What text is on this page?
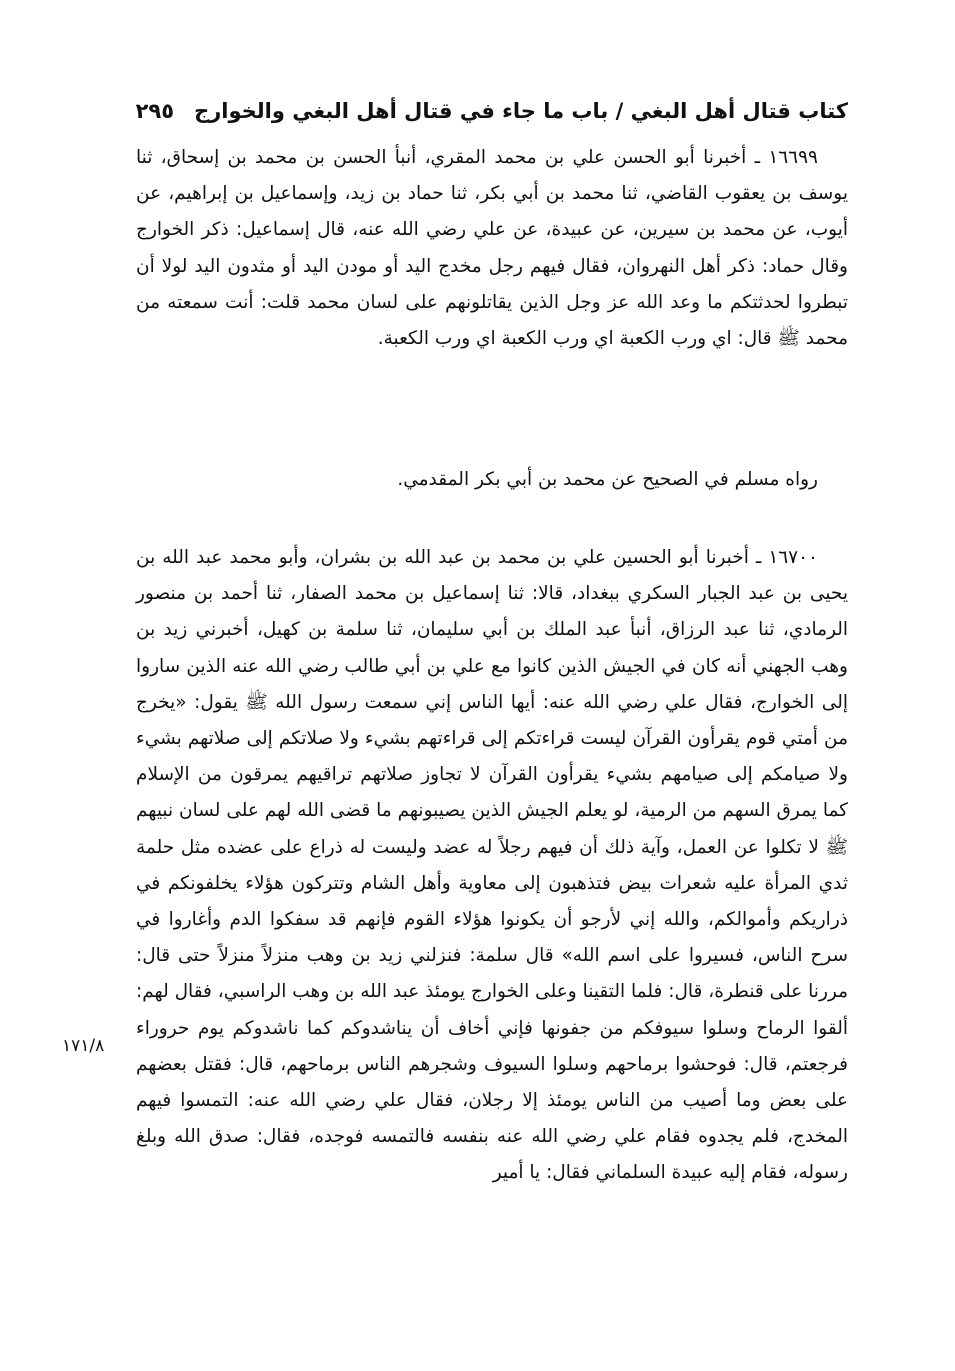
كتاب قتال أهل البغي / باب ما جاء في قتال أهل البغي والخوارج
٢٩٥

١٦٦٩٩ ـ أخبرنا أبو الحسن علي بن محمد المقري، أنبأ الحسن بن محمد بن إسحاق، ثنا يوسف بن يعقوب القاضي، ثنا محمد بن أبي بكر، ثنا حماد بن زيد، وإسماعيل بن إبراهيم، عن أيوب، عن محمد بن سيرين، عن عبيدة، عن علي رضي الله عنه، قال إسماعيل: ذكر الخوارج وقال حماد: ذكر أهل النهروان، فقال فيهم رجل مخدج اليد أو مودن اليد أو مثدون اليد لولا أن تبطروا لحدثتكم ما وعد الله عز وجل الذين يقاتلونهم على لسان محمد قلت: أنت سمعته من محمد ﷺ قال: اي ورب الكعبة اي ورب الكعبة اي ورب الكعبة.

رواه مسلم في الصحيح عن محمد بن أبي بكر المقدمي.

١٦٧٠٠ ـ أخبرنا أبو الحسين علي بن محمد بن عبد الله بن بشران، وأبو محمد عبد الله بن يحيى بن عبد الجبار السكري ببغداد، قالا: ثنا إسماعيل بن محمد الصفار، ثنا أحمد بن منصور الرمادي، ثنا عبد الرزاق، أنبأ عبد الملك بن أبي سليمان، ثنا سلمة بن كهيل، أخبرني زيد بن وهب الجهني أنه كان في الجيش الذين كانوا مع علي بن أبي طالب رضي الله عنه الذين ساروا إلى الخوارج، فقال علي رضي الله عنه: أيها الناس إني سمعت رسول الله ﷺ يقول: «يخرج من أمتي قوم يقرأون القرآن ليست قراءتكم إلى قراءتهم بشيء ولا صلاتكم إلى صلاتهم بشيء ولا صيامكم إلى صيامهم بشيء يقرأون القرآن لا تجاوز صلاتهم تراقيهم يمرقون من الإسلام كما يمرق السهم من الرمية، لو يعلم الجيش الذين يصيبونهم ما قضى الله لهم على لسان نبيهم ﷺ لا تكلوا عن العمل، وآية ذلك أن فيهم رجلاً له عضد وليست له ذراع على عضده مثل حلمة ثدي المرأة عليه شعرات بيض فتذهبون إلى معاوية وأهل الشام وتتركون هؤلاء يخلفونكم في ذراريكم وأموالكم، والله إني لأرجو أن يكونوا هؤلاء القوم فإنهم قد سفكوا الدم وأغاروا في سرح الناس، فسيروا على اسم الله» قال سلمة: فنزلني زيد بن وهب منزلاً منزلاً حتى قال: مررنا على قنطرة، قال: فلما التقينا وعلى الخوارج يومئذ عبد الله بن وهب الراسبي، فقال لهم: ألقوا الرماح وسلوا سيوفكم من جفونها فإني أخاف أن يناشدوكم كما ناشدوكم يوم حروراء فرجعتم، قال: فوحشوا برماحهم وسلوا السيوف وشجرهم الناس برماحهم، قال: فقتل بعضهم على بعض وما أصيب من الناس يومئذ إلا رجلان، فقال علي رضي الله عنه: التمسوا فيهم المخدج، فلم يجدوه فقام علي رضي الله عنه بنفسه فالتمسه فوجده، فقال: صدق الله وبلغ رسوله، فقام إليه عبيدة السلماني فقال: يا أمير

١٧١/٨
